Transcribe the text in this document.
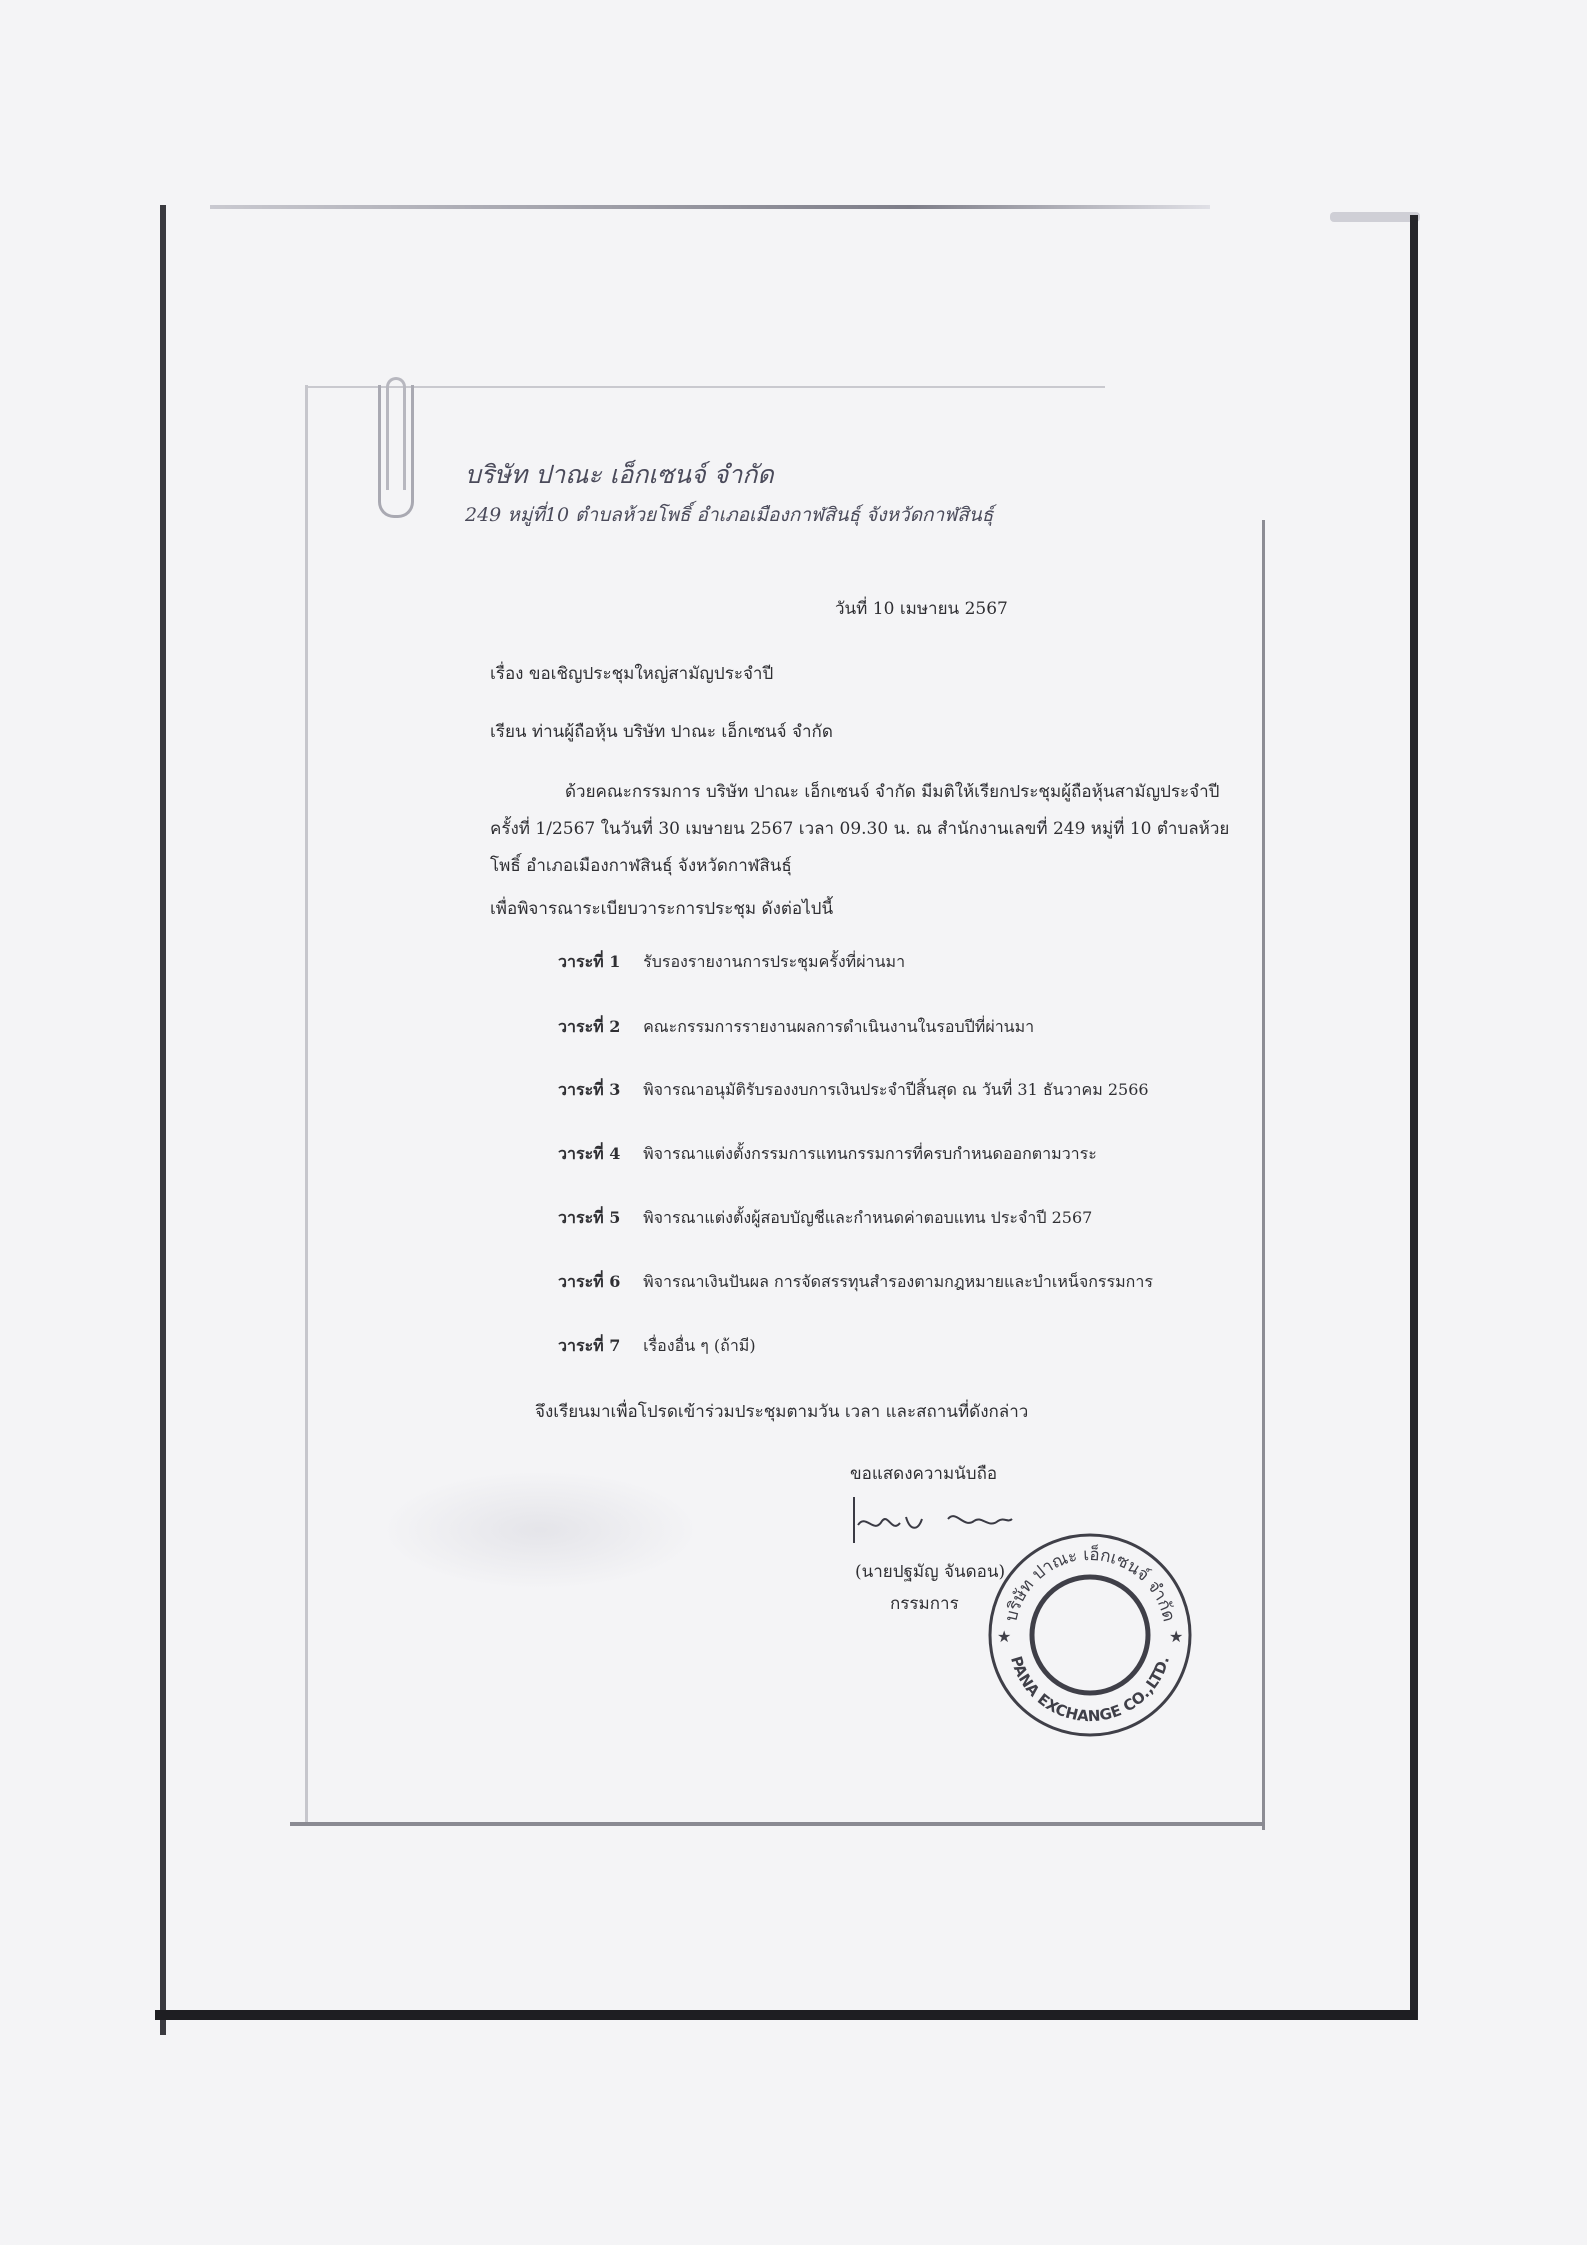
บริษัท ปาณะ เอ็กเซนจ์ จำกัด
249 หมู่ที่10 ตำบลห้วยโพธิ์ อำเภอเมืองกาฬสินธุ์ จังหวัดกาฬสินธุ์
วันที่ 10 เมษายน 2567
เรื่อง ขอเชิญประชุมใหญ่สามัญประจำปี
เรียน ท่านผู้ถือหุ้น บริษัท ปาณะ เอ็กเซนจ์ จำกัด
ด้วยคณะกรรมการ บริษัท ปาณะ เอ็กเซนจ์ จำกัด มีมติให้เรียกประชุมผู้ถือหุ้นสามัญประจำปี
ครั้งที่ 1/2567 ในวันที่ 30 เมษายน 2567 เวลา 09.30 น. ณ สำนักงานเลขที่ 249 หมู่ที่ 10 ตำบลห้วย
โพธิ์ อำเภอเมืองกาฬสินธุ์ จังหวัดกาฬสินธุ์
เพื่อพิจารณาระเบียบวาระการประชุม ดังต่อไปนี้
วาระที่ 1 รับรองรายงานการประชุมครั้งที่ผ่านมา
วาระที่ 2 คณะกรรมการรายงานผลการดำเนินงานในรอบปีที่ผ่านมา
วาระที่ 3 พิจารณาอนุมัติรับรองงบการเงินประจำปีสิ้นสุด ณ วันที่ 31 ธันวาคม 2566
วาระที่ 4 พิจารณาแต่งตั้งกรรมการแทนกรรมการที่ครบกำหนดออกตามวาระ
วาระที่ 5 พิจารณาแต่งตั้งผู้สอบบัญชีและกำหนดค่าตอบแทน ประจำปี 2567
วาระที่ 6 พิจารณาเงินปันผล การจัดสรรทุนสำรองตามกฎหมายและบำเหน็จกรรมการ
วาระที่ 7 เรื่องอื่น ๆ (ถ้ามี)
จึงเรียนมาเพื่อโปรดเข้าร่วมประชุมตามวัน เวลา และสถานที่ดังกล่าว
ขอแสดงความนับถือ
(นายปฐมัญ จันดอน)
กรรมการ
บริษัท ปาณะ เอ็กเซนจ์ จำกัด
PANA EXCHANGE CO.,LTD.
★	★
